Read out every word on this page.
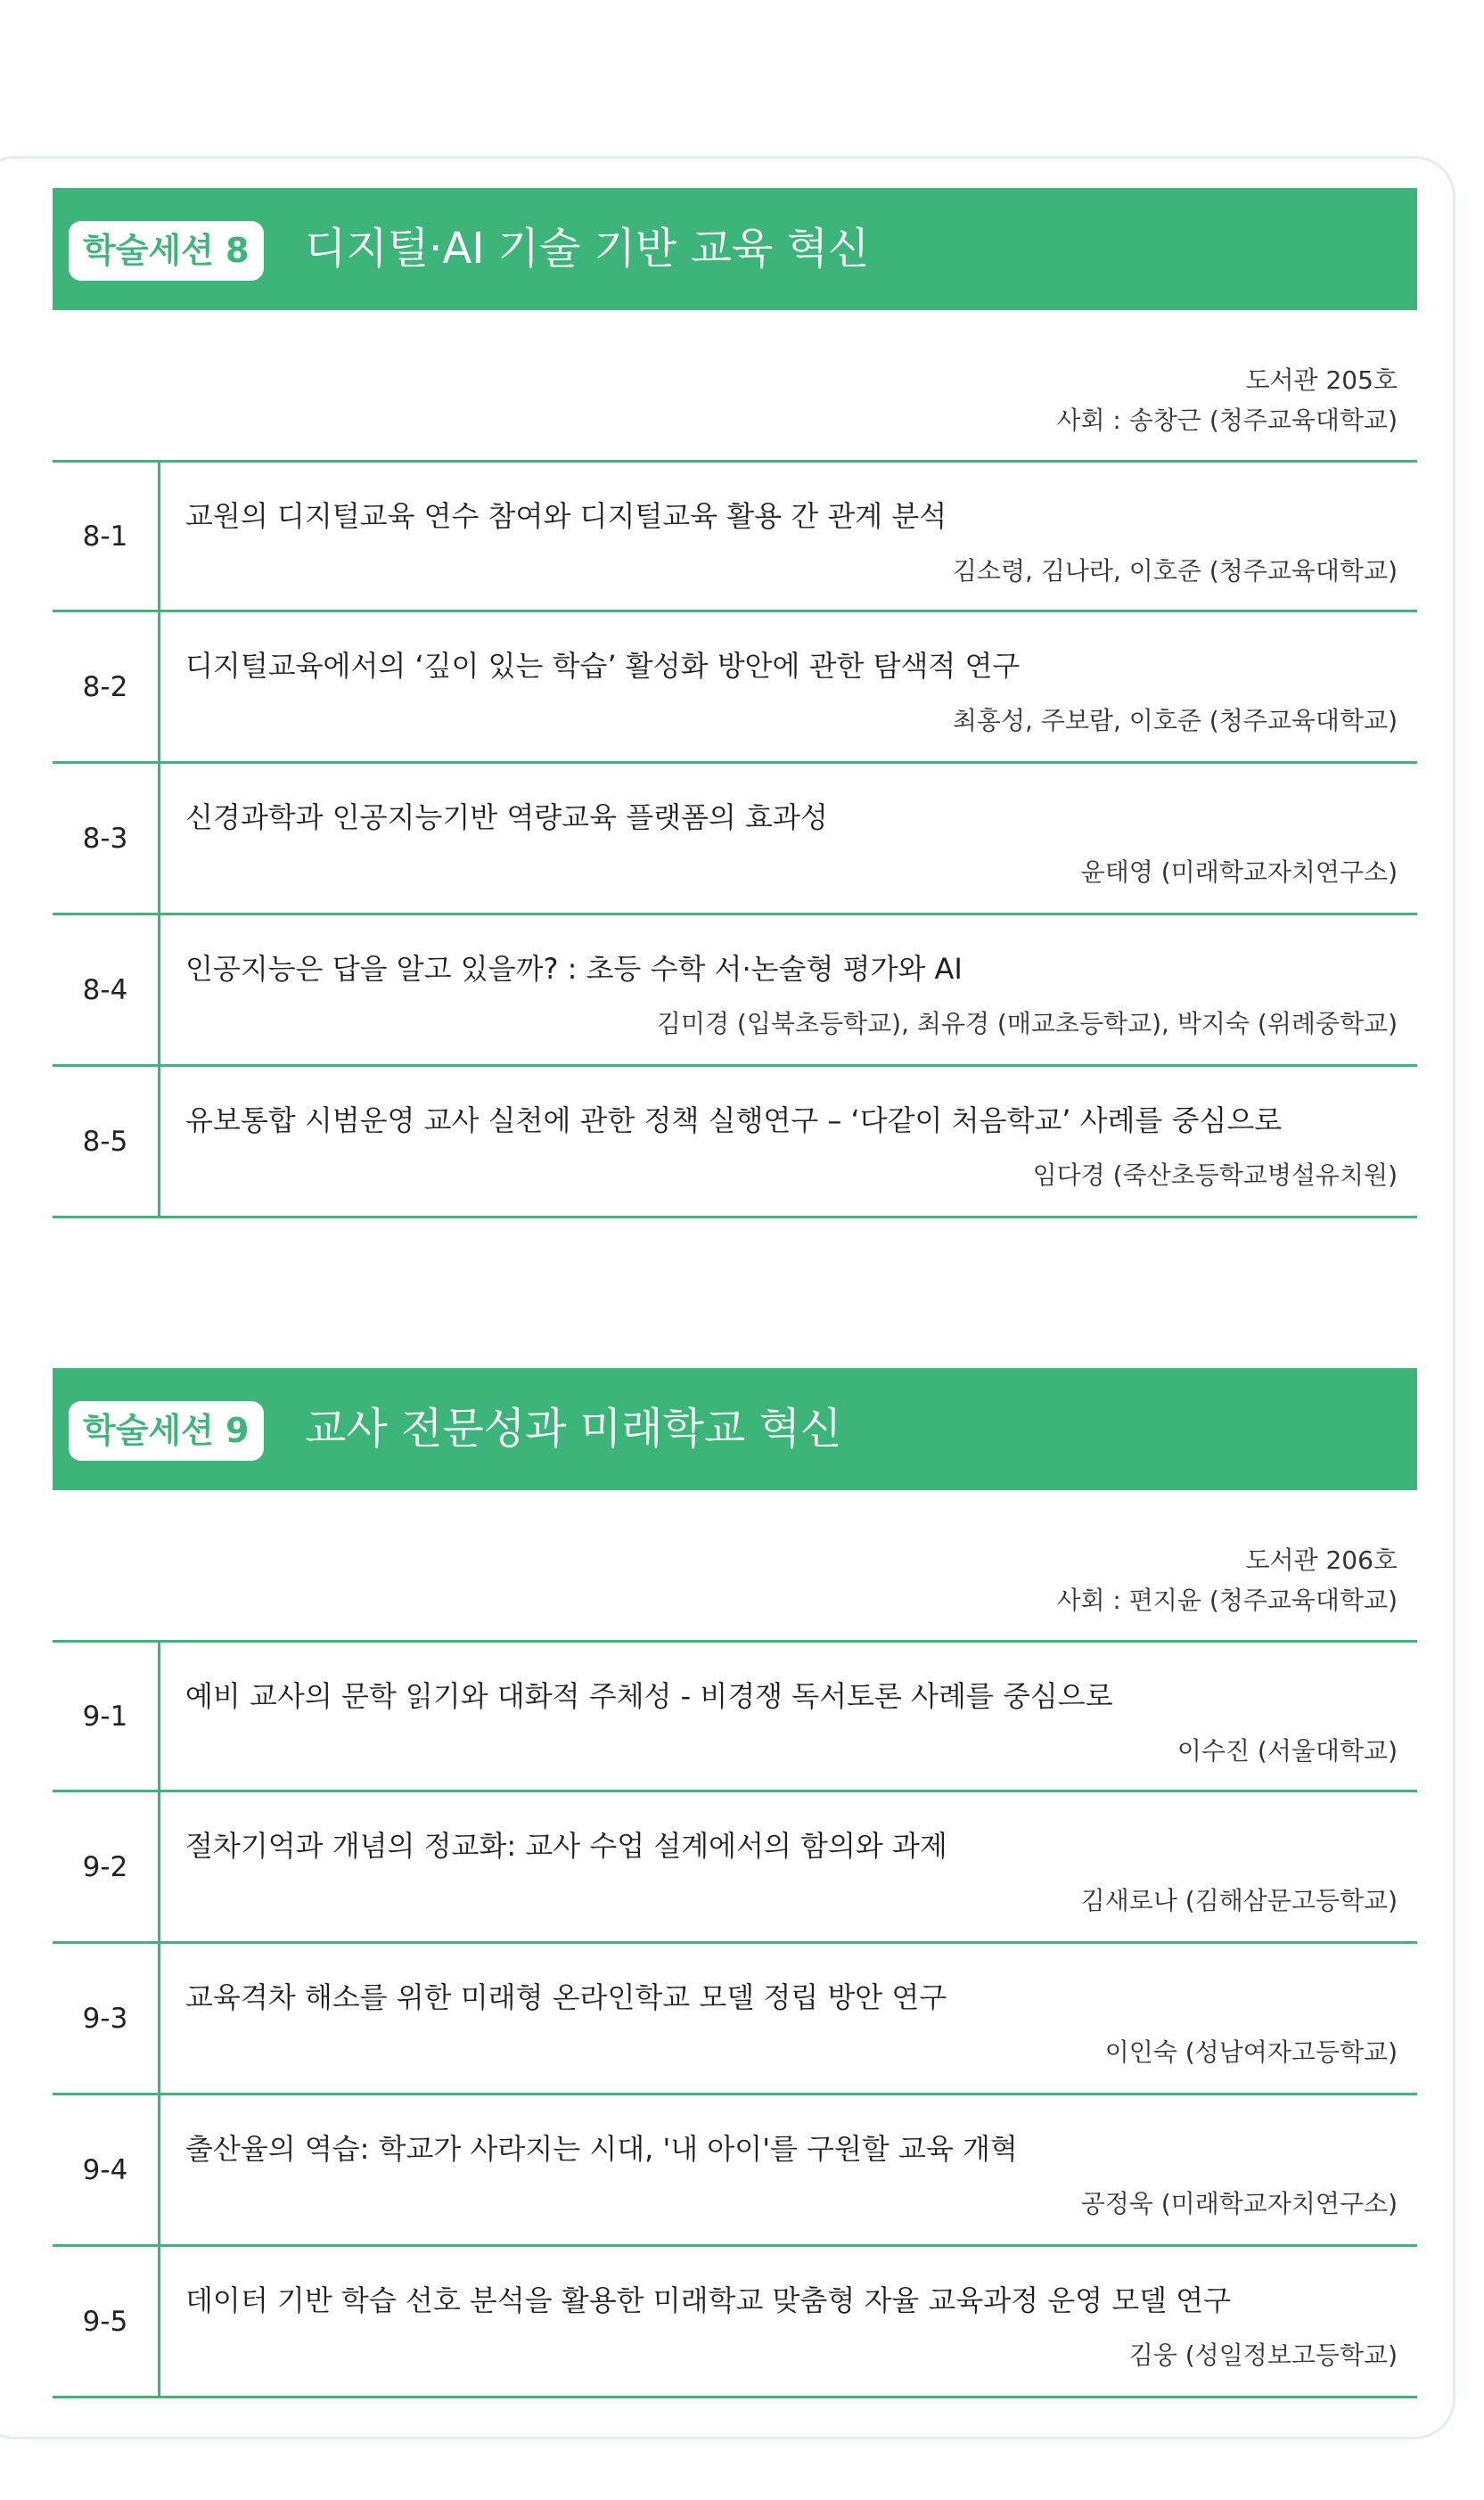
학술세션 8	디지털·AI 기술 기반 교육 혁신
도서관 205호
사회 : 송창근 (청주교육대학교)
8-1
교원의 디지털교육 연수 참여와 디지털교육 활용 간 관계 분석
김소령, 김나라, 이호준 (청주교육대학교)
8-2
디지털교육에서의 ‘깊이 있는 학습’ 활성화 방안에 관한 탐색적 연구
최홍성, 주보람, 이호준 (청주교육대학교)
8-3
신경과학과 인공지능기반 역량교육 플랫폼의 효과성
윤태영 (미래학교자치연구소)
8-4
인공지능은 답을 알고 있을까? : 초등 수학 서·논술형 평가와 AI
김미경 (입북초등학교), 최유경 (매교초등학교), 박지숙 (위례중학교)
8-5
유보통합 시범운영 교사 실천에 관한 정책 실행연구 – ‘다같이 처음학교’ 사례를 중심으로
임다경 (죽산초등학교병설유치원)
학술세션 9	교사 전문성과 미래학교 혁신
도서관 206호
사회 : 편지윤 (청주교육대학교)
9-1
예비 교사의 문학 읽기와 대화적 주체성 - 비경쟁 독서토론 사례를 중심으로
이수진 (서울대학교)
9-2
절차기억과 개념의 정교화: 교사 수업 설계에서의 함의와 과제
김새로나 (김해삼문고등학교)
9-3
교육격차 해소를 위한 미래형 온라인학교 모델 정립 방안 연구
이인숙 (성남여자고등학교)
9-4
출산율의 역습: 학교가 사라지는 시대, '내 아이'를 구원할 교육 개혁
공정욱 (미래학교자치연구소)
9-5
데이터 기반 학습 선호 분석을 활용한 미래학교 맞춤형 자율 교육과정 운영 모델 연구
김웅 (성일정보고등학교)
